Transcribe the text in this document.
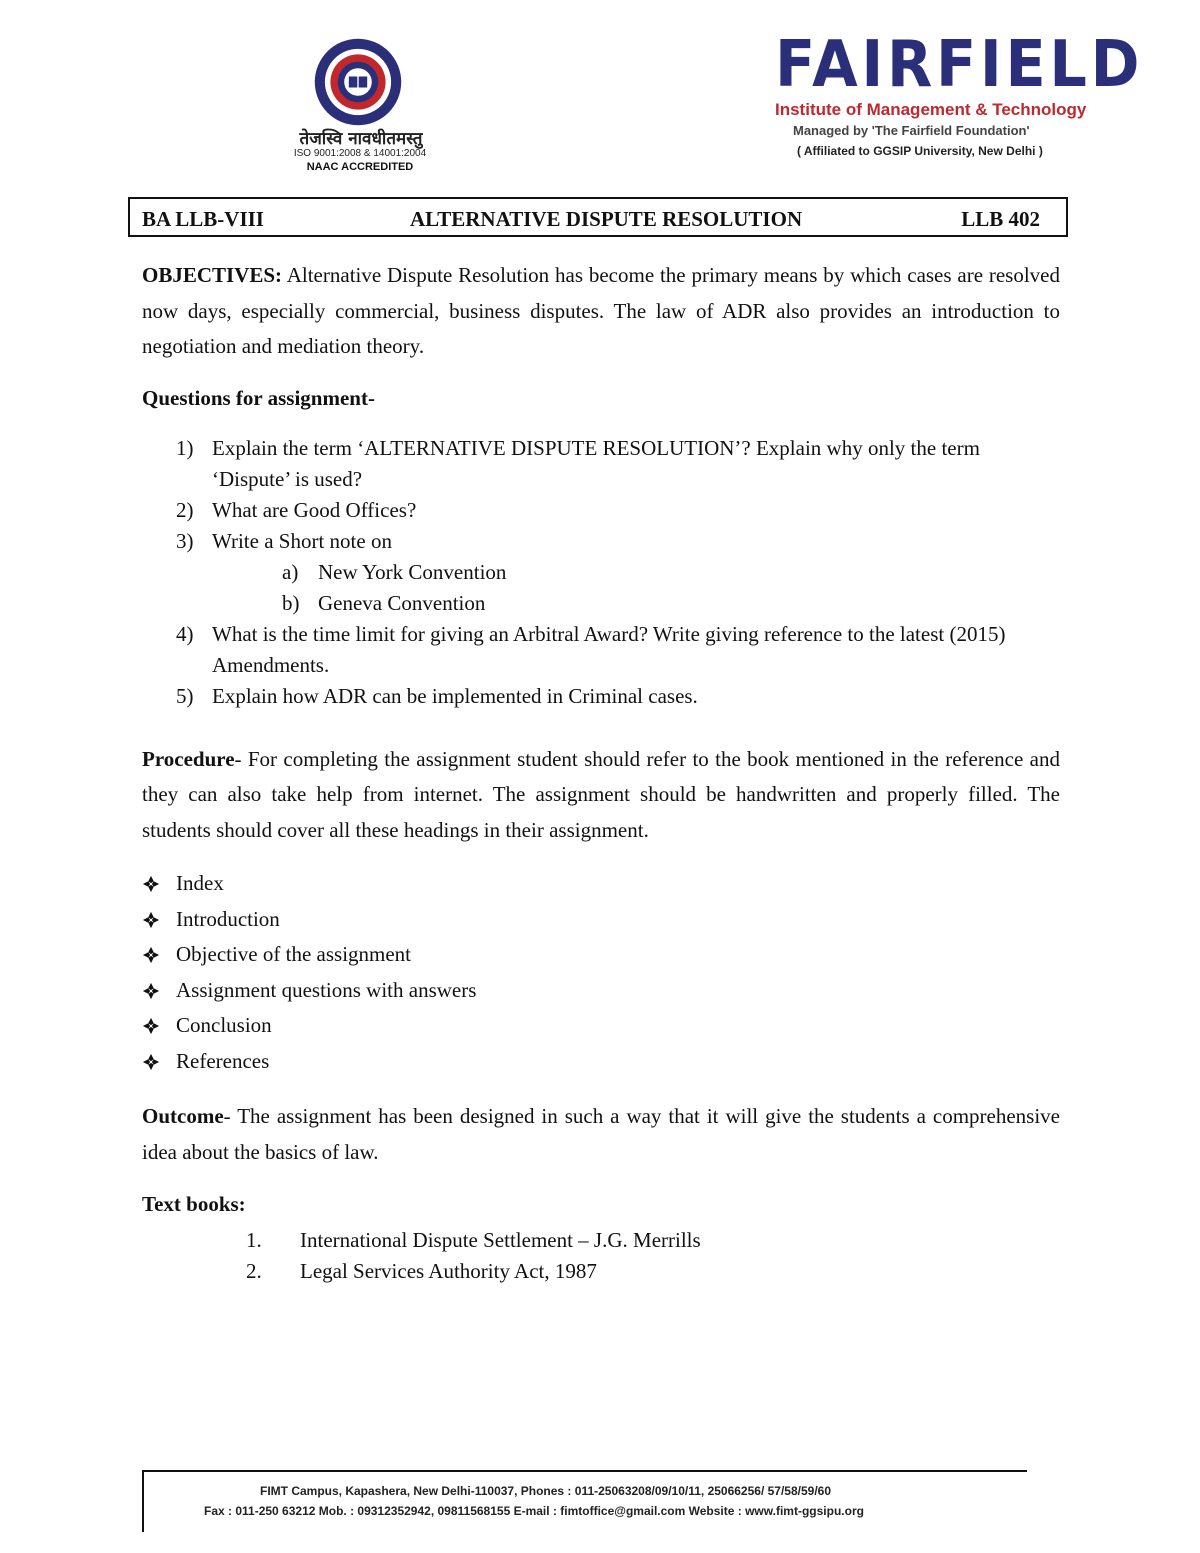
तेजस्वि नावधीतमस्तु
ISO 9001:2008 & 14001:2004
NAAC ACCREDITED
FAIRFIELD
Institute of Management & Technology
Managed by 'The Fairfield Foundation'
( Affiliated to GGSIP University, New Delhi )
BA LLB-VIII	ALTERNATIVE DISPUTE RESOLUTION	LLB 402

OBJECTIVES: Alternative Dispute Resolution has become the primary means by which cases are resolved now days, especially commercial, business disputes. The law of ADR also provides an introduction to negotiation and mediation theory.

Questions for assignment-

1) Explain the term ‘ALTERNATIVE DISPUTE RESOLUTION’? Explain why only the term ‘Dispute’ is used?
2) What are Good Offices?
3) Write a Short note on
a) New York Convention
b) Geneva Convention
4) What is the time limit for giving an Arbitral Award? Write giving reference to the latest (2015) Amendments.
5) Explain how ADR can be implemented in Criminal cases.

Procedure- For completing the assignment student should refer to the book mentioned in the reference and they can also take help from internet. The assignment should be handwritten and properly filled. The students should cover all these headings in their assignment.

Index
Introduction
Objective of the assignment
Assignment questions with answers
Conclusion
References

Outcome- The assignment has been designed in such a way that it will give the students a comprehensive idea about the basics of law.

Text books:

1. International Dispute Settlement – J.G. Merrills
2. Legal Services Authority Act, 1987
FIMT Campus, Kapashera, New Delhi-110037, Phones : 011-25063208/09/10/11, 25066256/ 57/58/59/60
Fax : 011-250 63212 Mob. : 09312352942, 09811568155 E-mail : fimtoffice@gmail.com Website : www.fimt-ggsipu.org
